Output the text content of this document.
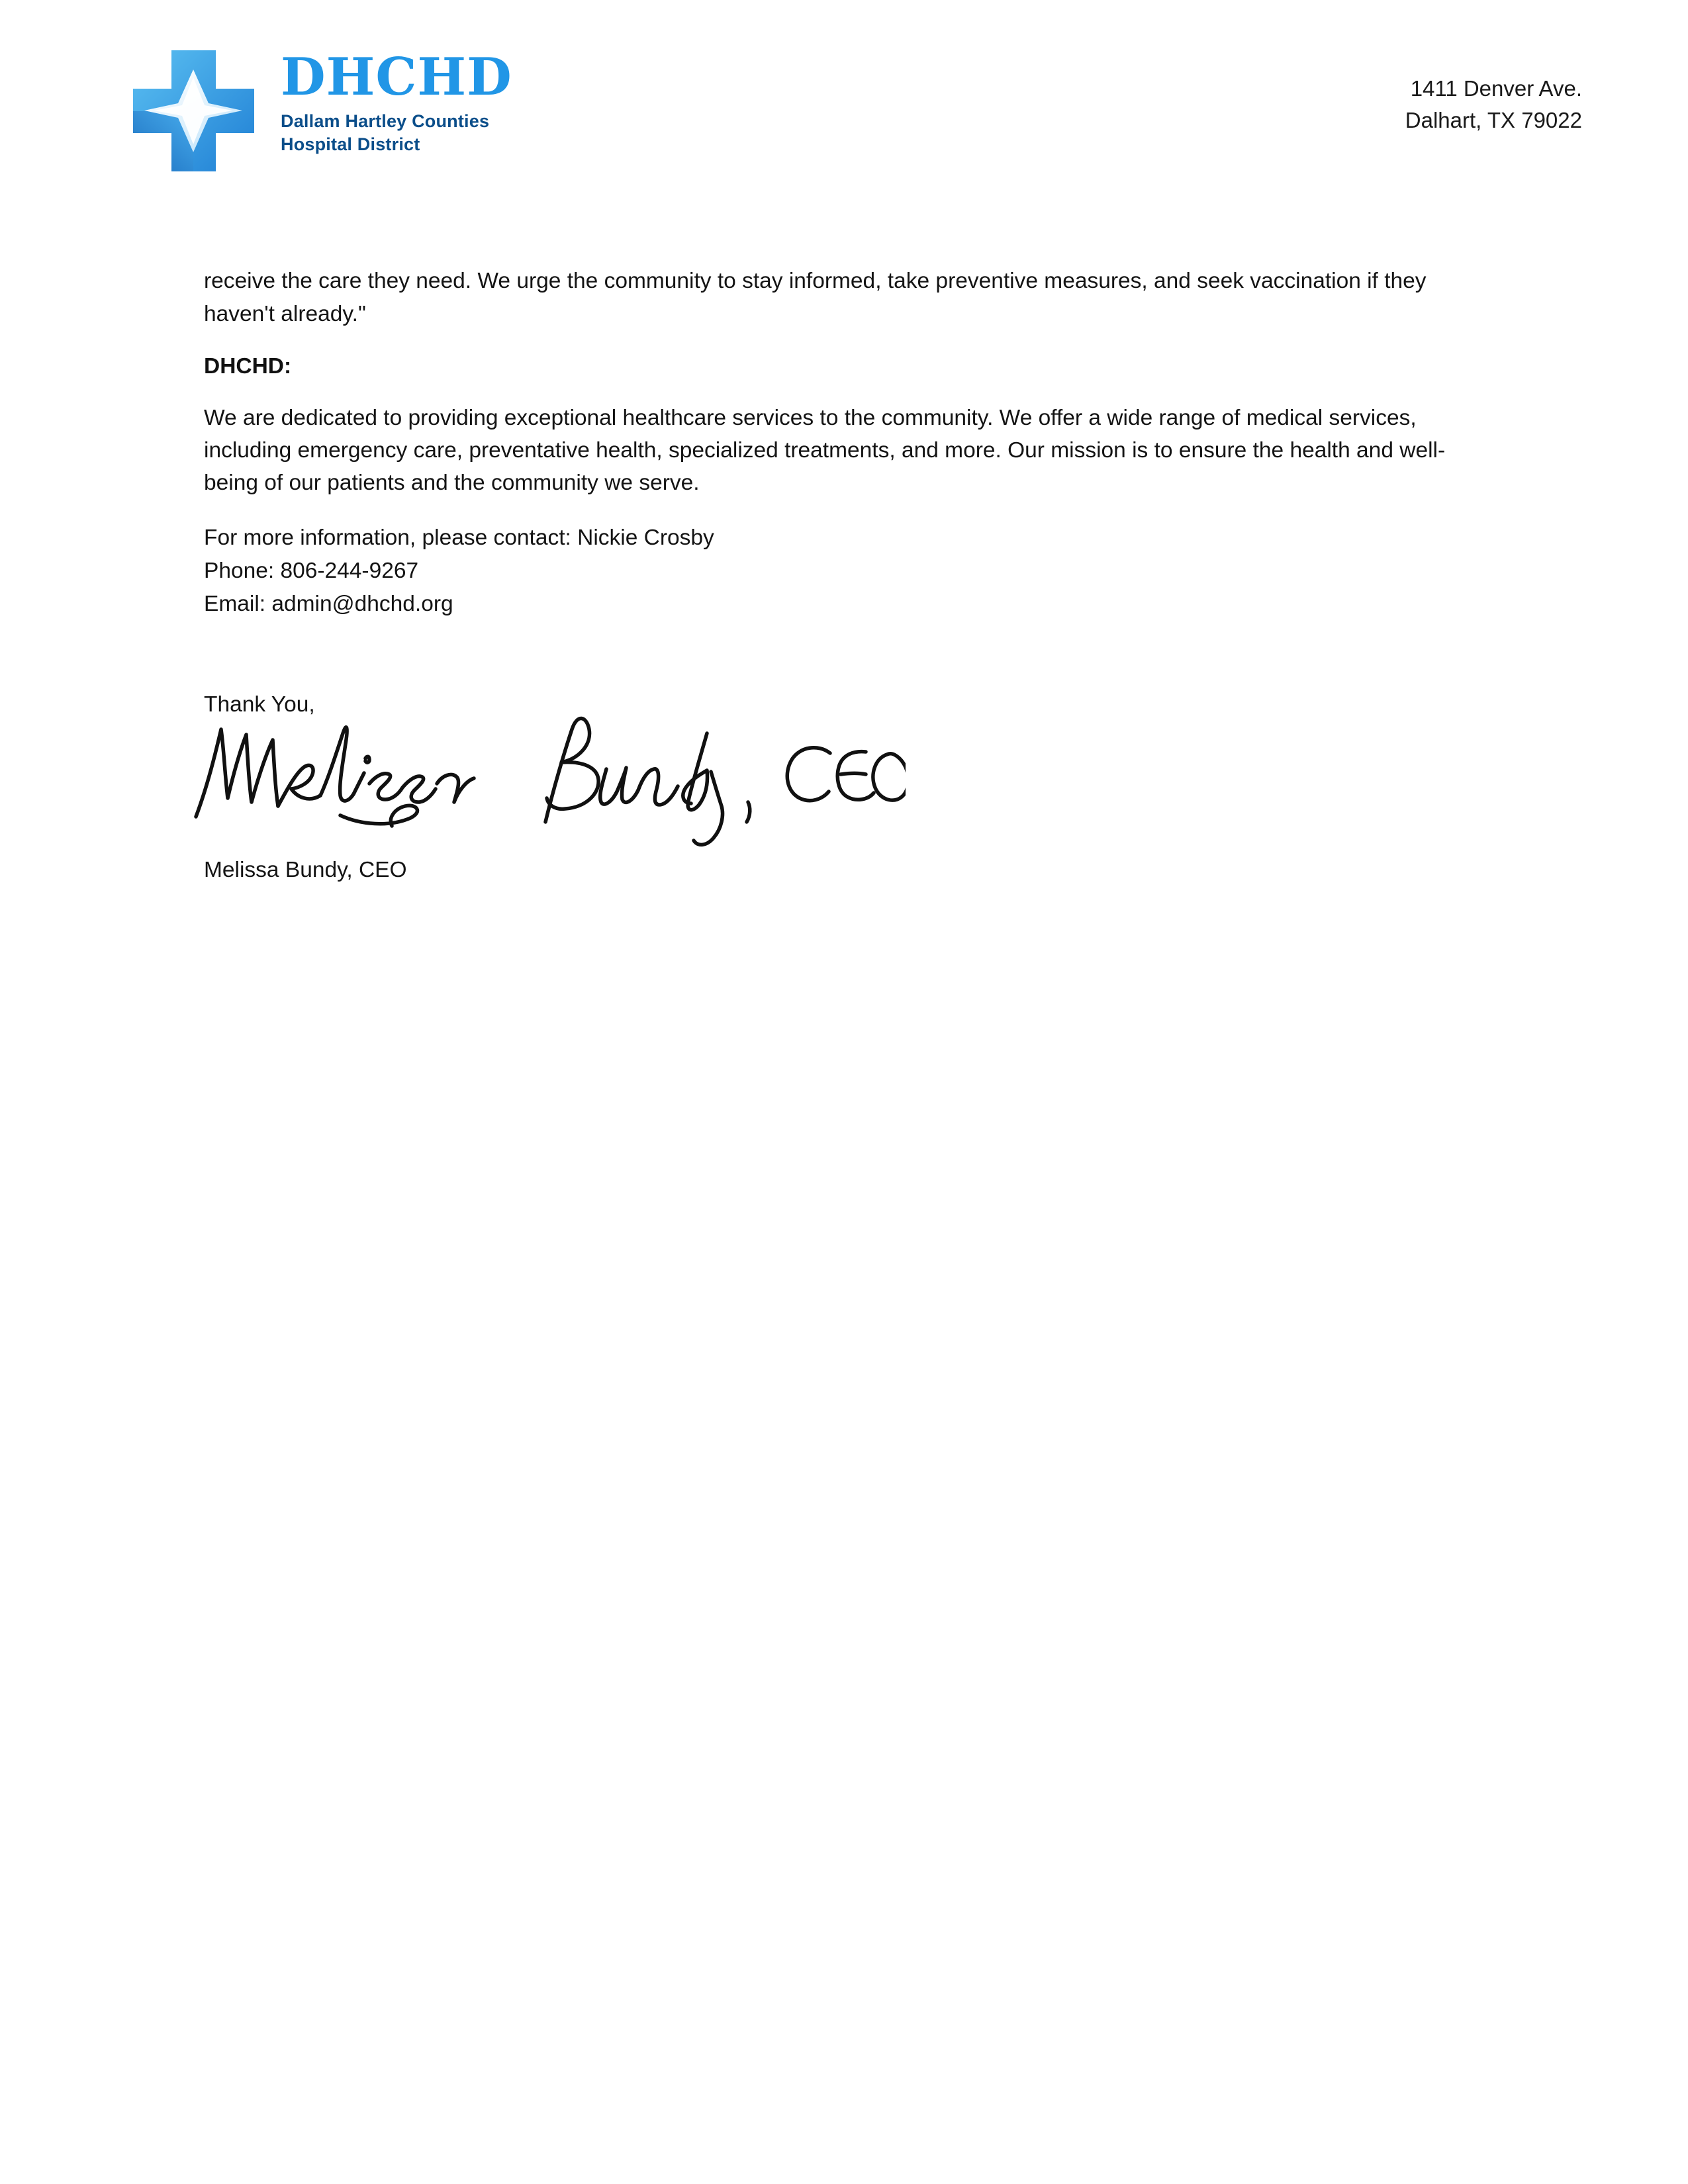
DHCHD
Dallam Hartley Counties
Hospital District
1411 Denver Ave.
Dalhart, TX 79022

receive the care they need. We urge the community to stay informed, take preventive measures, and seek vaccination if they haven't already."

DHCHD:

We are dedicated to providing exceptional healthcare services to the community. We offer a wide range of medical services, including emergency care, preventative health, specialized treatments, and more. Our mission is to ensure the health and well-being of our patients and the community we serve.

For more information, please contact: Nickie Crosby
Phone: 806-244-9267
Email: admin@dhchd.org

Thank You,

Melissa Bundy, CEO
